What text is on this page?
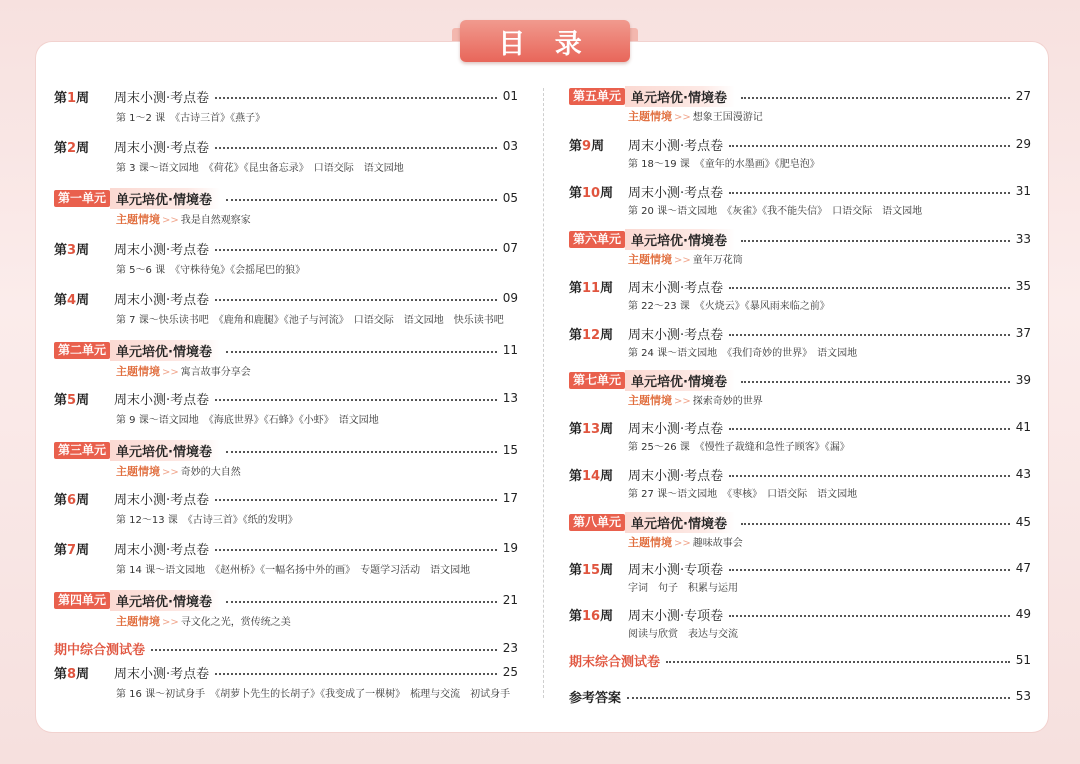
目 录
第1周	周末小测·考点卷	01
第 1～2 课　《古诗三首》《燕子》
第2周	周末小测·考点卷	03
第 3 课～语文园地　《荷花》《昆虫备忘录》　口语交际　语文园地
第一单元 单元培优·情境卷	05
主题情境 >> 我是自然观察家
第3周	周末小测·考点卷	07
第 5～6 课　《守株待兔》《会摇尾巴的狼》
第4周	周末小测·考点卷	09
第 7 课～快乐读书吧　《鹿角和鹿腿》《池子与河流》　口语交际　语文园地　快乐读书吧
第二单元 单元培优·情境卷	11
主题情境 >> 寓言故事分享会
第5周	周末小测·考点卷	13
第 9 课～语文园地　《海底世界》《石蜂》《小虾》　语文园地
第三单元 单元培优·情境卷	15
主题情境 >> 奇妙的大自然
第6周	周末小测·考点卷	17
第 12～13 课　《古诗三首》《纸的发明》
第7周	周末小测·考点卷	19
第 14 课～语文园地　《赵州桥》《一幅名扬中外的画》　专题学习活动　语文园地
第四单元 单元培优·情境卷	21
主题情境 >> 寻文化之光，赏传统之美
期中综合测试卷	23
第8周	周末小测·考点卷	25
第 16 课～初试身手　《胡萝卜先生的长胡子》《我变成了一棵树》　梳理与交流　初试身手
第五单元 单元培优·情境卷	27
主题情境 >> 想象王国漫游记
第9周	周末小测·考点卷	29
第 18～19 课　《童年的水墨画》《肥皂泡》
第10周	周末小测·考点卷	31
第 20 课～语文园地　《灰雀》《我不能失信》　口语交际　语文园地
第六单元 单元培优·情境卷	33
主题情境 >> 童年万花筒
第11周	周末小测·考点卷	35
第 22～23 课　《火烧云》《暴风雨来临之前》
第12周	周末小测·考点卷	37
第 24 课～语文园地　《我们奇妙的世界》　语文园地
第七单元 单元培优·情境卷	39
主题情境 >> 探索奇妙的世界
第13周	周末小测·考点卷	41
第 25～26 课　《慢性子裁缝和急性子顾客》《漏》
第14周	周末小测·考点卷	43
第 27 课～语文园地　《枣核》　口语交际　语文园地
第八单元 单元培优·情境卷	45
主题情境 >> 趣味故事会
第15周	周末小测·专项卷	47
字词　句子　积累与运用
第16周	周末小测·专项卷	49
阅读与欣赏　表达与交流
期末综合测试卷	51
参考答案	53
